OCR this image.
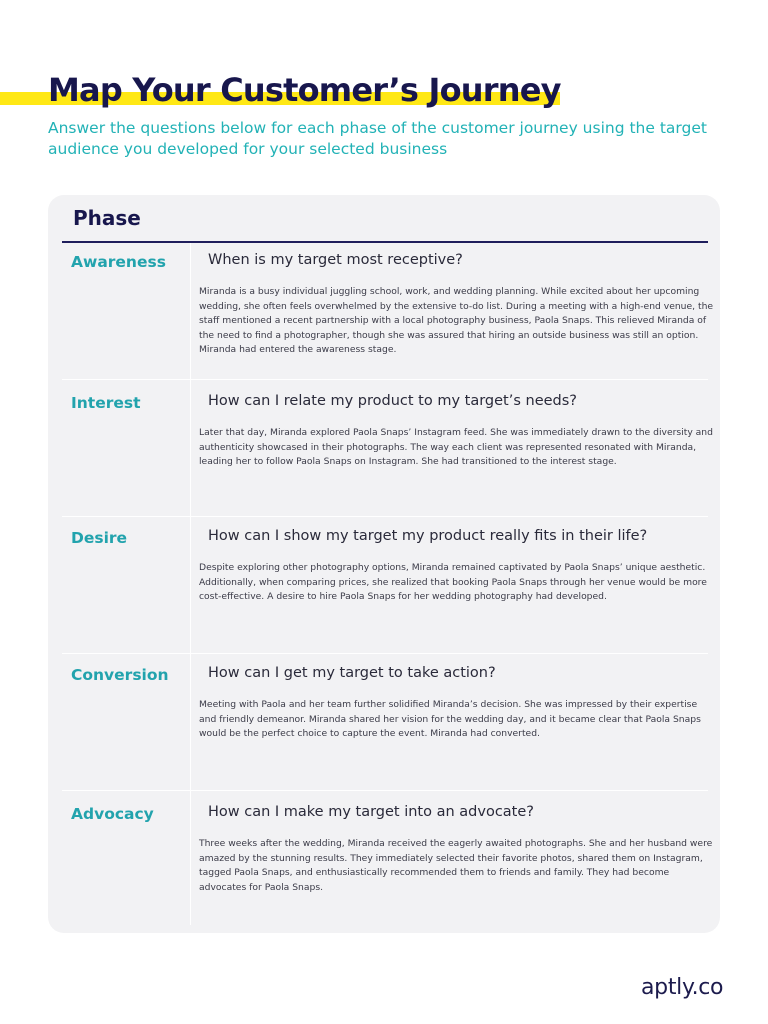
Map Your Customer’s Journey

Answer the questions below for each phase of the customer journey using the target audience you developed for your selected business

Phase
Awareness	When is my target most receptive?

Miranda is a busy individual juggling school, work, and wedding planning. While excited about her upcoming wedding, she often feels overwhelmed by the extensive to-do list. During a meeting with a high-end venue, the staff mentioned a recent partnership with a local photography business, Paola Snaps. This relieved Miranda of the need to find a photographer, though she was assured that hiring an outside business was still an option. Miranda had entered the awareness stage.

Interest	How can I relate my product to my target’s needs?

Later that day, Miranda explored Paola Snaps’ Instagram feed. She was immediately drawn to the diversity and authenticity showcased in their photographs. The way each client was represented resonated with Miranda, leading her to follow Paola Snaps on Instagram. She had transitioned to the interest stage.

Desire	How can I show my target my product really fits in their life?

Despite exploring other photography options, Miranda remained captivated by Paola Snaps’ unique aesthetic. Additionally, when comparing prices, she realized that booking Paola Snaps through her venue would be more cost-effective. A desire to hire Paola Snaps for her wedding photography had developed.

Conversion	How can I get my target to take action?

Meeting with Paola and her team further solidified Miranda’s decision. She was impressed by their expertise and friendly demeanor. Miranda shared her vision for the wedding day, and it became clear that Paola Snaps would be the perfect choice to capture the event. Miranda had converted.

Advocacy	How can I make my target into an advocate?

Three weeks after the wedding, Miranda received the eagerly awaited photographs. She and her husband were amazed by the stunning results. They immediately selected their favorite photos, shared them on Instagram, tagged Paola Snaps, and enthusiastically recommended them to friends and family. They had become advocates for Paola Snaps.

aptly.co
